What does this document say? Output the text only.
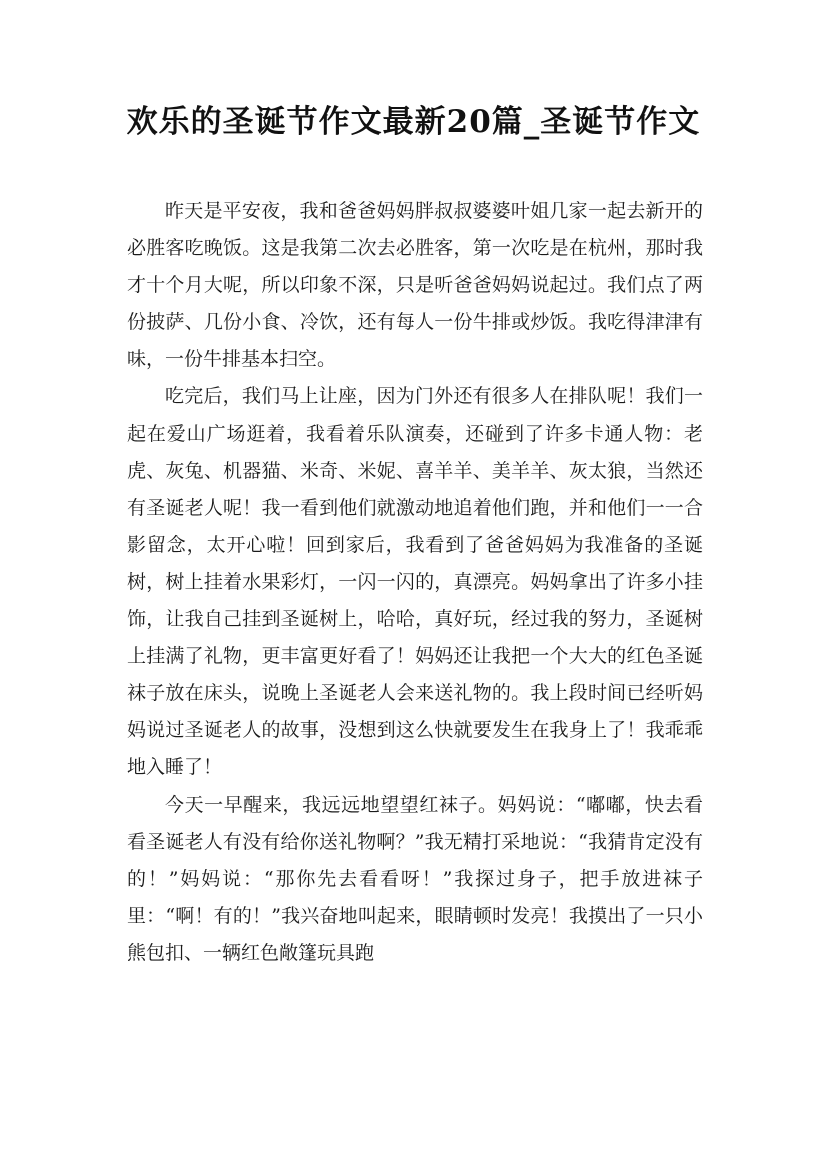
欢乐的圣诞节作文最新20篇_圣诞节作文

昨天是平安夜，我和爸爸妈妈胖叔叔婆婆叶姐几家一起去新开的必胜客吃晚饭。这是我第二次去必胜客，第一次吃是在杭州，那时我才十个月大呢，所以印象不深，只是听爸爸妈妈说起过。我们点了两份披萨、几份小食、冷饮，还有每人一份牛排或炒饭。我吃得津津有味，一份牛排基本扫空。

吃完后，我们马上让座，因为门外还有很多人在排队呢！我们一起在爱山广场逛着，我看着乐队演奏，还碰到了许多卡通人物：老虎、灰兔、机器猫、米奇、米妮、喜羊羊、美羊羊、灰太狼，当然还有圣诞老人呢！我一看到他们就激动地追着他们跑，并和他们一一合影留念，太开心啦！回到家后，我看到了爸爸妈妈为我准备的圣诞树，树上挂着水果彩灯，一闪一闪的，真漂亮。妈妈拿出了许多小挂饰，让我自己挂到圣诞树上，哈哈，真好玩，经过我的努力，圣诞树上挂满了礼物，更丰富更好看了！妈妈还让我把一个大大的红色圣诞袜子放在床头，说晚上圣诞老人会来送礼物的。我上段时间已经听妈妈说过圣诞老人的故事，没想到这么快就要发生在我身上了！我乖乖地入睡了！

今天一早醒来，我远远地望望红袜子。妈妈说：“嘟嘟，快去看看圣诞老人有没有给你送礼物啊？”我无精打采地说：“我猜肯定没有的！”妈妈说：“那你先去看看呀！”我探过身子，把手放进袜子里：“啊！有的！”我兴奋地叫起来，眼睛顿时发亮！我摸出了一只小熊包扣、一辆红色敞篷玩具跑
